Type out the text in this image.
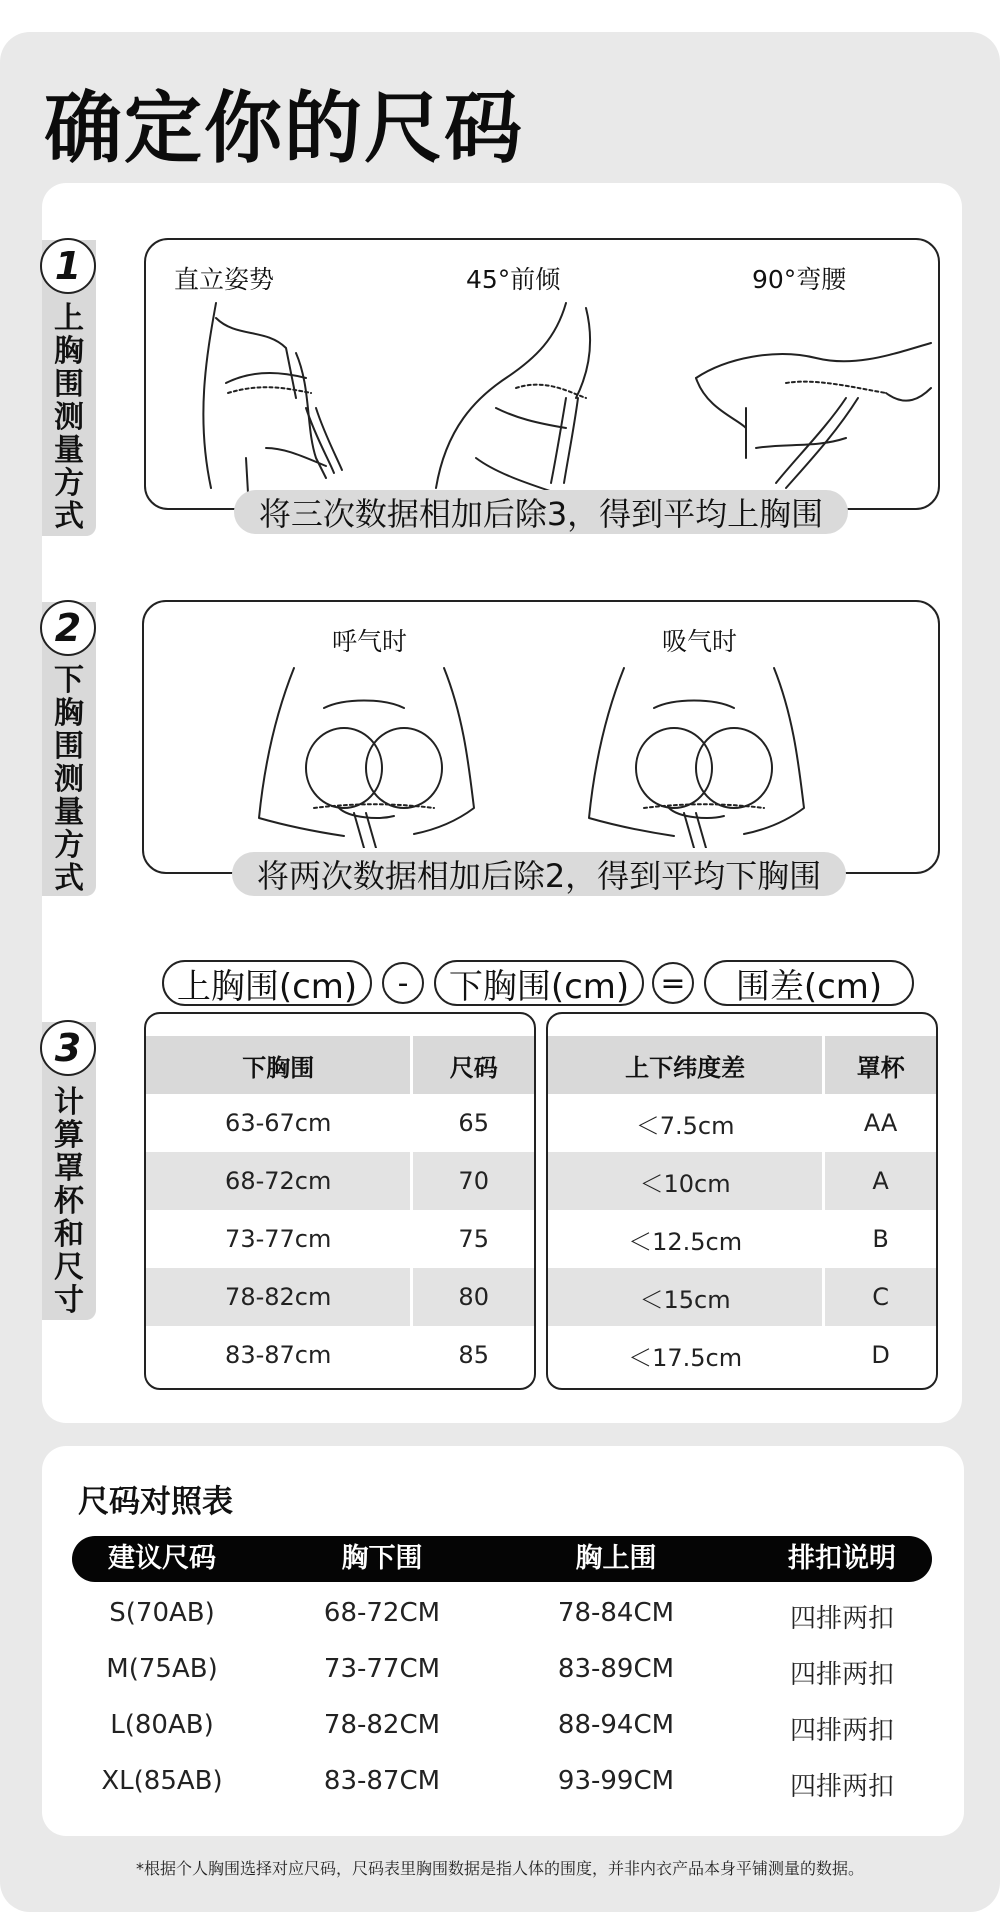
确定你的尺码
1
上胸围测量方式
直立姿势	45°前倾	90°弯腰
将三次数据相加后除3，得到平均上胸围
2
下胸围测量方式
呼气时	吸气时
将两次数据相加后除2，得到平均下胸围
3
计算罩杯和尺寸
上胸围(cm)	-	下胸围(cm)	=	围差(cm)
下胸围	尺码
63-67cm	65
68-72cm	70
73-77cm	75
78-82cm	80
83-87cm	85
上下纬度差	罩杯
＜7.5cm	AA
＜10cm	A
＜12.5cm	B
＜15cm	C
＜17.5cm	D
尺码对照表
建议尺码	胸下围	胸上围	排扣说明
S(70AB)	68-72CM	78-84CM	四排两扣
M(75AB)	73-77CM	83-89CM	四排两扣
L(80AB)	78-82CM	88-94CM	四排两扣
XL(85AB)	83-87CM	93-99CM	四排两扣
*根据个人胸围选择对应尺码，尺码表里胸围数据是指人体的围度，并非内衣产品本身平铺测量的数据。
